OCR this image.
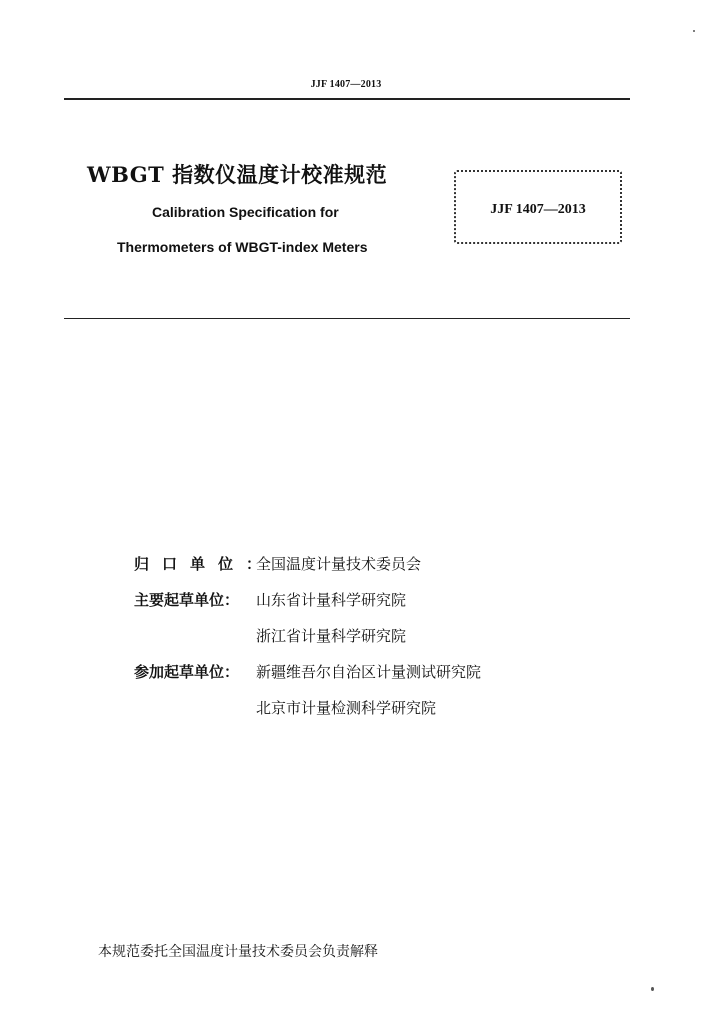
JJF 1407—2013
WBGT 指数仪温度计校准规范
Calibration Specification for
Thermometers of WBGT-index Meters
JJF 1407—2013
归口单位：
全国温度计量技术委员会
主要起草单位：	山东省计量科学研究院
浙江省计量科学研究院
参加起草单位：	新疆维吾尔自治区计量测试研究院
北京市计量检测科学研究院
本规范委托全国温度计量技术委员会负责解释
